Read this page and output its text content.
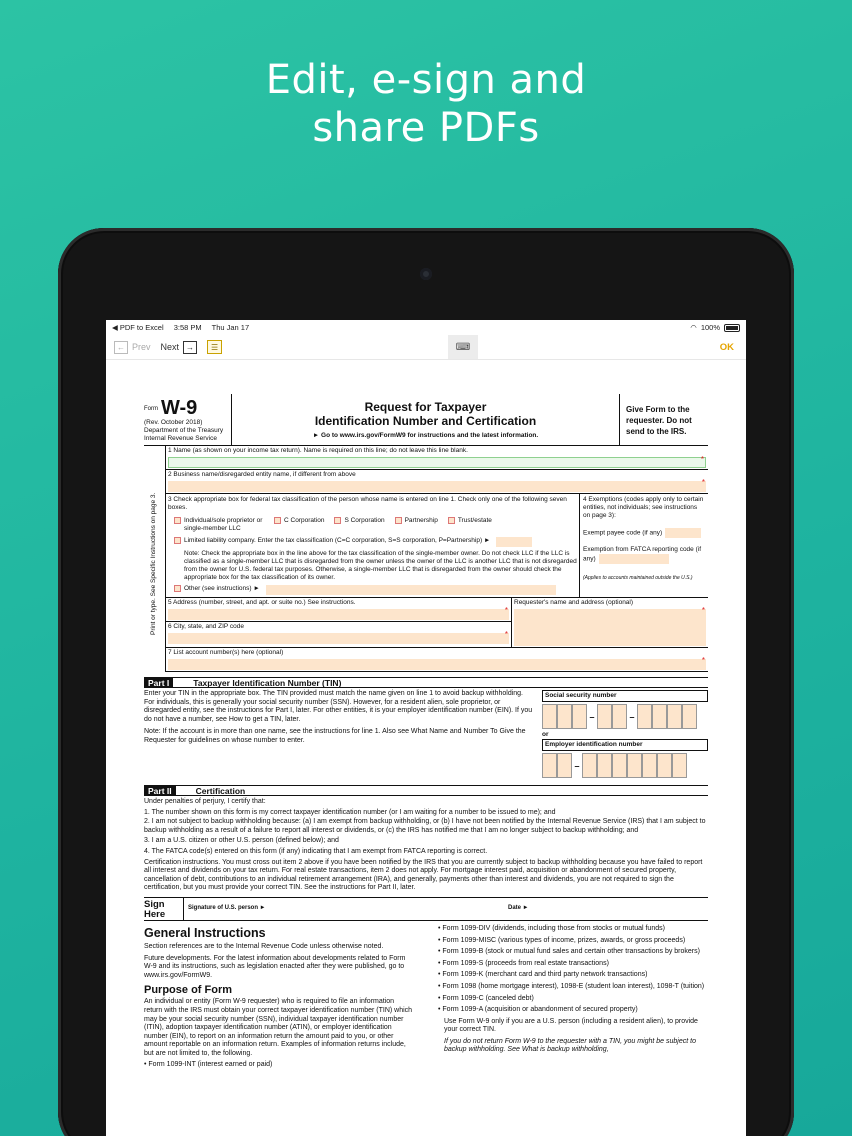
Edit, e-sign and
share PDFs
◀ PDF to Excel 3:58 PM Thu Jan 17	◠ 100%
← Prev Next →	☰	⌨	OK
Form W-9
(Rev. October 2018)
Department of the Treasury
Internal Revenue Service
Request for Taxpayer
Identification Number and Certification
► Go to www.irs.gov/FormW9 for instructions and the latest information.
Give Form to the requester. Do not send to the IRS.
Print or type. See Specific Instructions on page 3.
1 Name (as shown on your income tax return). Name is required on this line; do not leave this line blank.
*
2 Business name/disregarded entity name, if different from above
*
3 Check appropriate box for federal tax classification of the person whose name is entered on line 1. Check only one of the following seven boxes.
Individual/sole proprietor or single-member LLC
C Corporation	S Corporation	Partnership	Trust/estate
Limited liability company. Enter the tax classification (C=C corporation, S=S corporation, P=Partnership) ►
Note: Check the appropriate box in the line above for the tax classification of the single-member owner. Do not check LLC if the LLC is classified as a single-member LLC that is disregarded from the owner unless the owner of the LLC is another LLC that is not disregarded from the owner for U.S. federal tax purposes. Otherwise, a single-member LLC that is disregarded from the owner should check the appropriate box for the tax classification of its owner.
Other (see instructions) ►
4 Exemptions (codes apply only to certain entities, not individuals; see instructions on page 3):
Exempt payee code (if any)
Exemption from FATCA reporting code (if any)
(Applies to accounts maintained outside the U.S.)
5 Address (number, street, and apt. or suite no.) See instructions.
*
6 City, state, and ZIP code
*
Requester's name and address (optional)
*
7 List account number(s) here (optional)
*
Part I	Taxpayer Identification Number (TIN)
Enter your TIN in the appropriate box. The TIN provided must match the name given on line 1 to avoid backup withholding. For individuals, this is generally your social security number (SSN). However, for a resident alien, sole proprietor, or disregarded entity, see the instructions for Part I, later. For other entities, it is your employer identification number (EIN). If you do not have a number, see How to get a TIN, later.
Note: If the account is in more than one name, see the instructions for line 1. Also see What Name and Number To Give the Requester for guidelines on whose number to enter.
Social security number
–	–
or
Employer identification number
–
Part II	Certification

Under penalties of perjury, I certify that:

1. The number shown on this form is my correct taxpayer identification number (or I am waiting for a number to be issued to me); and

2. I am not subject to backup withholding because: (a) I am exempt from backup withholding, or (b) I have not been notified by the Internal Revenue Service (IRS) that I am subject to backup withholding as a result of a failure to report all interest or dividends, or (c) the IRS has notified me that I am no longer subject to backup withholding; and

3. I am a U.S. citizen or other U.S. person (defined below); and

4. The FATCA code(s) entered on this form (if any) indicating that I am exempt from FATCA reporting is correct.

Certification instructions. You must cross out item 2 above if you have been notified by the IRS that you are currently subject to backup withholding because you have failed to report all interest and dividends on your tax return. For real estate transactions, item 2 does not apply. For mortgage interest paid, acquisition or abandonment of secured property, cancellation of debt, contributions to an individual retirement arrangement (IRA), and generally, payments other than interest and dividends, you are not required to sign the certification, but you must provide your correct TIN. See the instructions for Part II, later.

Sign Here
Signature of U.S. person ►	Date ►
General Instructions

Section references are to the Internal Revenue Code unless otherwise noted.

Future developments. For the latest information about developments related to Form W-9 and its instructions, such as legislation enacted after they were published, go to www.irs.gov/FormW9.

Purpose of Form

An individual or entity (Form W-9 requester) who is required to file an information return with the IRS must obtain your correct taxpayer identification number (TIN) which may be your social security number (SSN), individual taxpayer identification number (ITIN), adoption taxpayer identification number (ATIN), or employer identification number (EIN), to report on an information return the amount paid to you, or other amount reportable on an information return. Examples of information returns include, but are not limited to, the following.

• Form 1099-INT (interest earned or paid)

• Form 1099-DIV (dividends, including those from stocks or mutual funds)

• Form 1099-MISC (various types of income, prizes, awards, or gross proceeds)

• Form 1099-B (stock or mutual fund sales and certain other transactions by brokers)

• Form 1099-S (proceeds from real estate transactions)

• Form 1099-K (merchant card and third party network transactions)

• Form 1098 (home mortgage interest), 1098-E (student loan interest), 1098-T (tuition)

• Form 1099-C (canceled debt)

• Form 1099-A (acquisition or abandonment of secured property)

Use Form W-9 only if you are a U.S. person (including a resident alien), to provide your correct TIN.

If you do not return Form W-9 to the requester with a TIN, you might be subject to backup withholding. See What is backup withholding,
